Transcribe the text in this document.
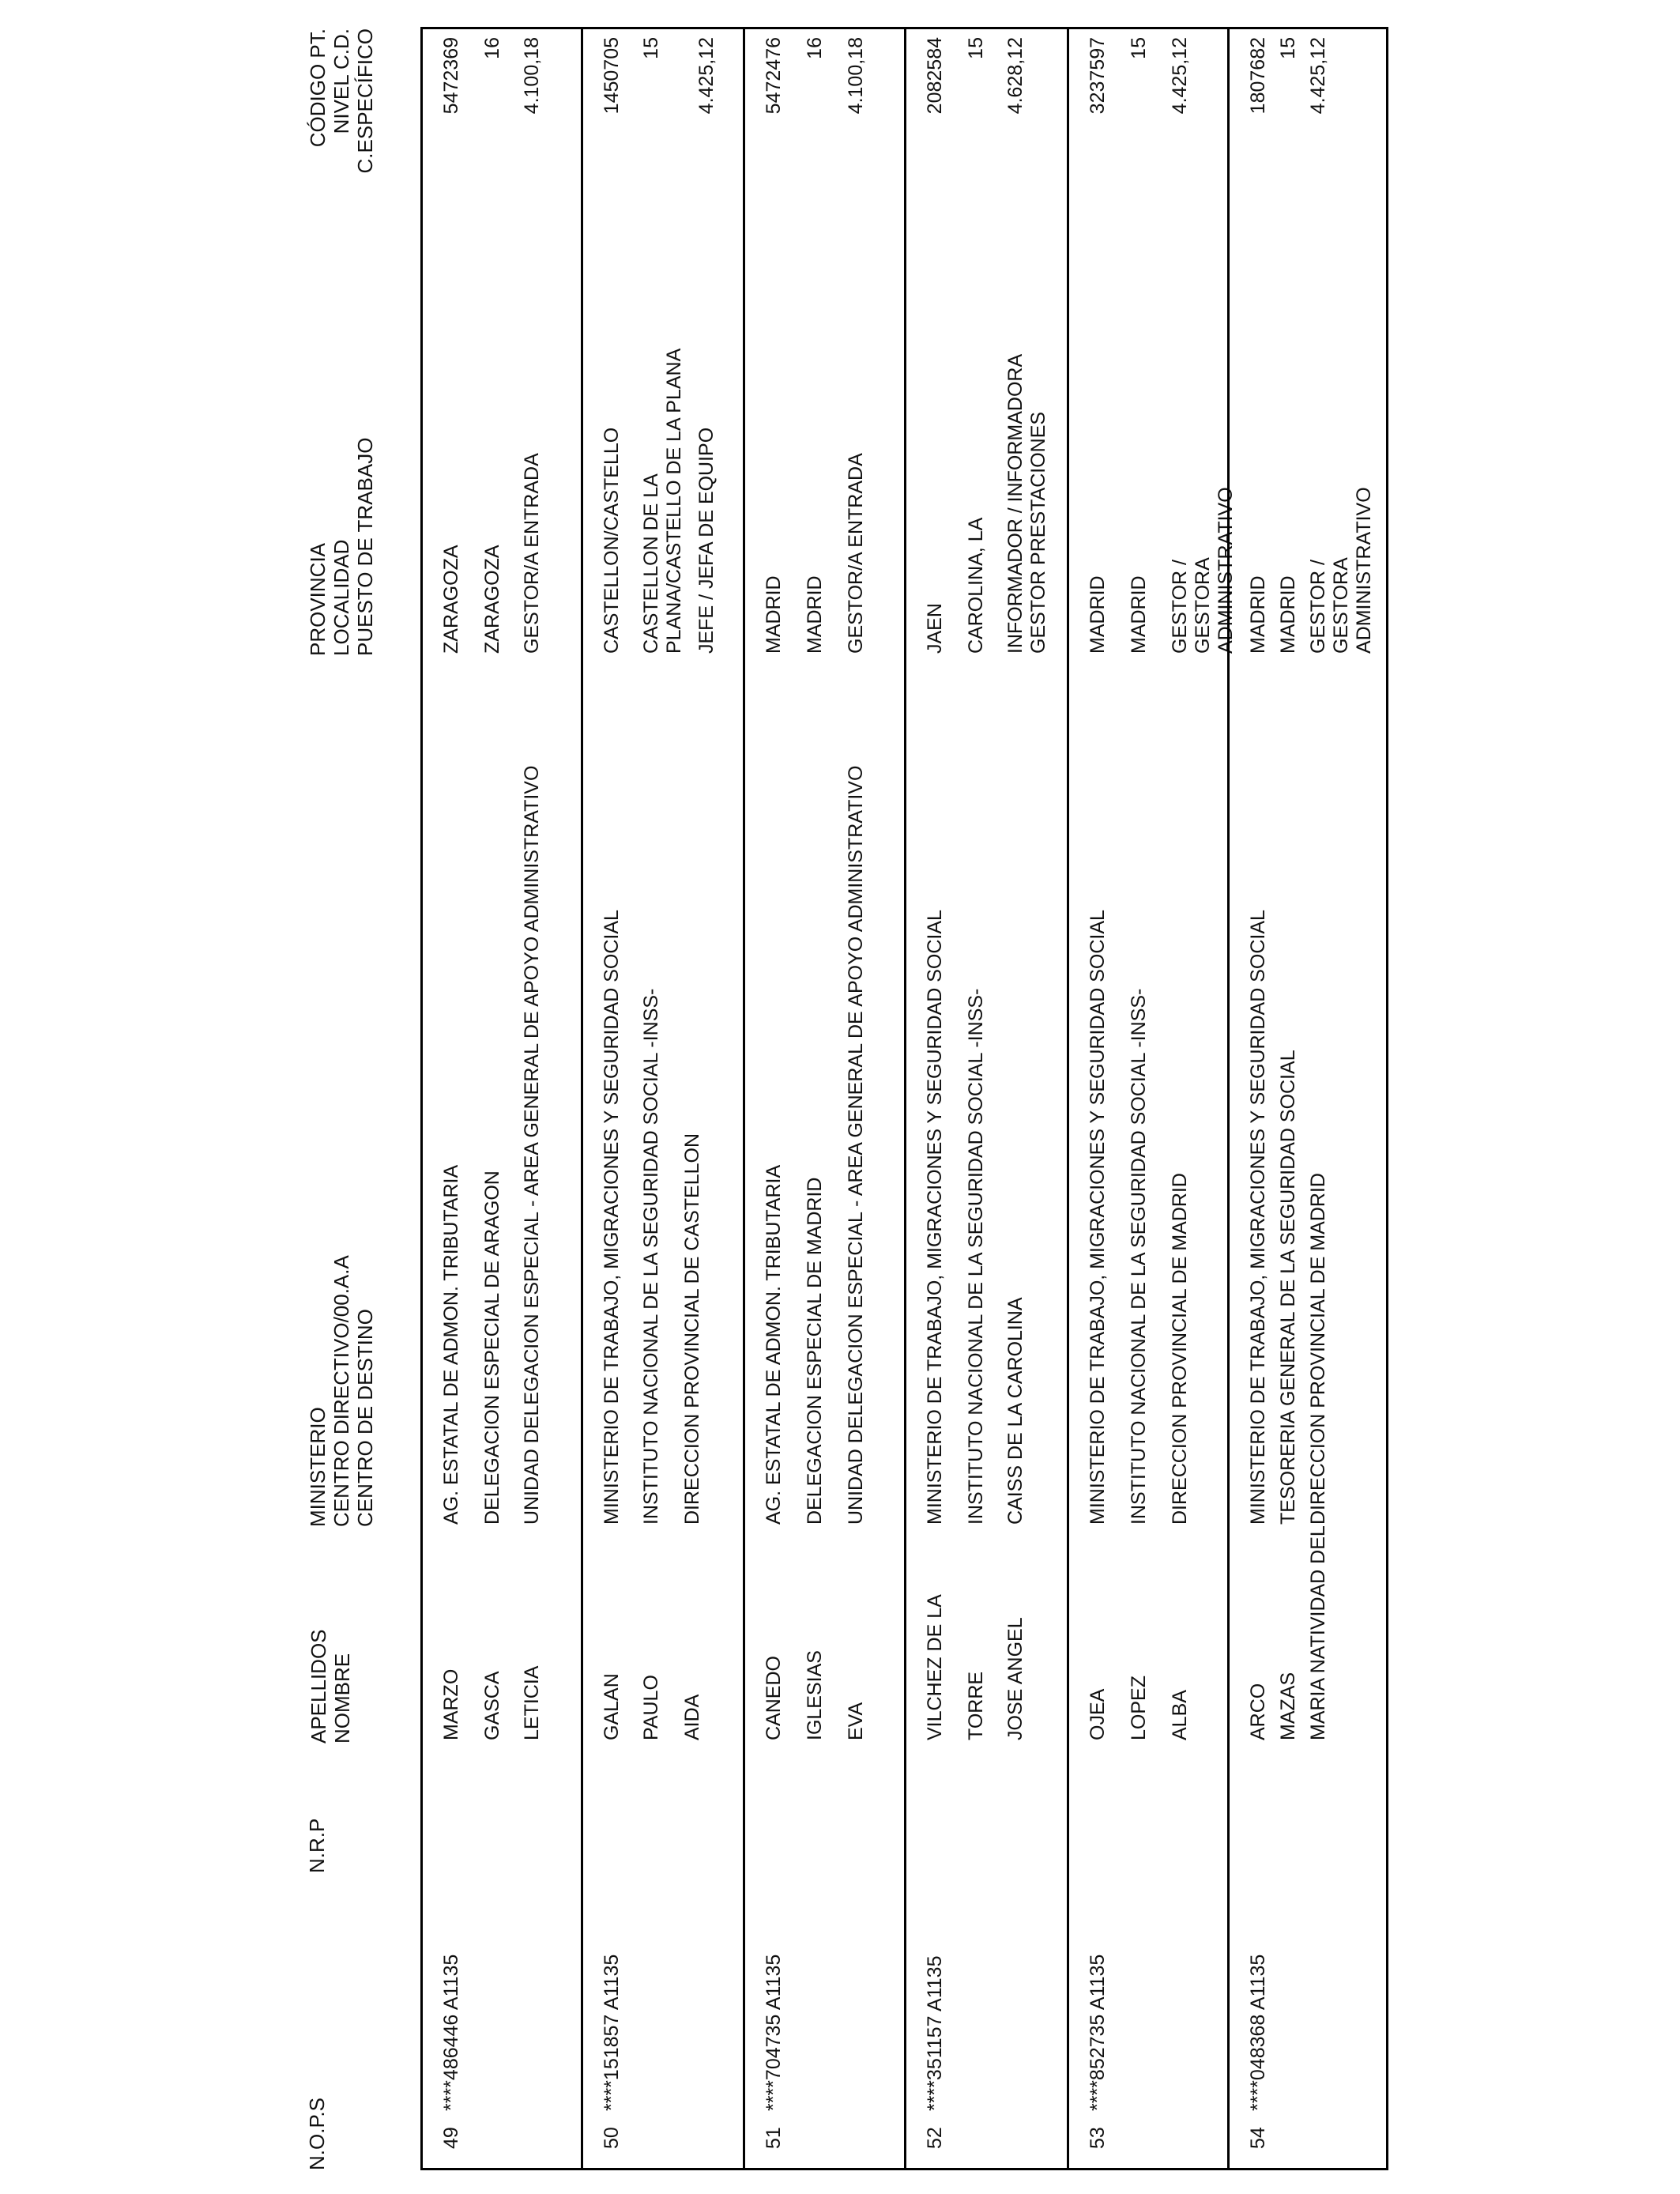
N.O.P.S
N.R.P
APELLIDOS NOMBRE
MINISTERIO CENTRO DIRECTIVO/00.A.A CENTRO DE DESTINO
PROVINCIA LOCALIDAD PUESTO DE TRABAJO
CÓDIGO PT. NIVEL C.D. C.ESPECÍFICO
49
****486446 A1135
MARZO GASCA LETICIA
AG. ESTATAL DE ADMON. TRIBUTARIA DELEGACION ESPECIAL DE ARAGON UNIDAD DELEGACION ESPECIAL - AREA GENERAL DE APOYO ADMINISTRATIVO
ZARAGOZA ZARAGOZA GESTOR/A ENTRADA
5472369 16 4.100,18
50
****151857 A1135
GALAN PAULO AIDA
MINISTERIO DE TRABAJO, MIGRACIONES Y SEGURIDAD SOCIAL INSTITUTO NACIONAL DE LA SEGURIDAD SOCIAL -INSS- DIRECCION PROVINCIAL DE CASTELLON
CASTELLON/CASTELLO CASTELLON DE LA PLANA/CASTELLO DE LA PLANA JEFE / JEFA DE EQUIPO
1450705 15 4.425,12
51
****704735 A1135
CANEDO IGLESIAS EVA
AG. ESTATAL DE ADMON. TRIBUTARIA DELEGACION ESPECIAL DE MADRID UNIDAD DELEGACION ESPECIAL - AREA GENERAL DE APOYO ADMINISTRATIVO
MADRID MADRID GESTOR/A ENTRADA
5472476 16 4.100,18
52
****351157 A1135
VILCHEZ DE LA TORRE JOSE ANGEL
MINISTERIO DE TRABAJO, MIGRACIONES Y SEGURIDAD SOCIAL INSTITUTO NACIONAL DE LA SEGURIDAD SOCIAL -INSS- CAISS DE LA CAROLINA
JAEN CAROLINA, LA INFORMADOR / INFORMADORA GESTOR PRESTACIONES
2082584 15 4.628,12
53
****852735 A1135
OJEA LOPEZ ALBA
MINISTERIO DE TRABAJO, MIGRACIONES Y SEGURIDAD SOCIAL INSTITUTO NACIONAL DE LA SEGURIDAD SOCIAL -INSS- DIRECCION PROVINCIAL DE MADRID
MADRID MADRID GESTOR / GESTORA ADMINISTRATIVO
3237597 15 4.425,12
54
****048368 A1135
ARCO MAZAS MARIA NATIVIDAD DEL
MINISTERIO DE TRABAJO, MIGRACIONES Y SEGURIDAD SOCIAL TESORERIA GENERAL DE LA SEGURIDAD SOCIAL DIRECCION PROVINCIAL DE MADRID
MADRID MADRID GESTOR / GESTORA ADMINISTRATIVO
1807682 15 4.425,12
